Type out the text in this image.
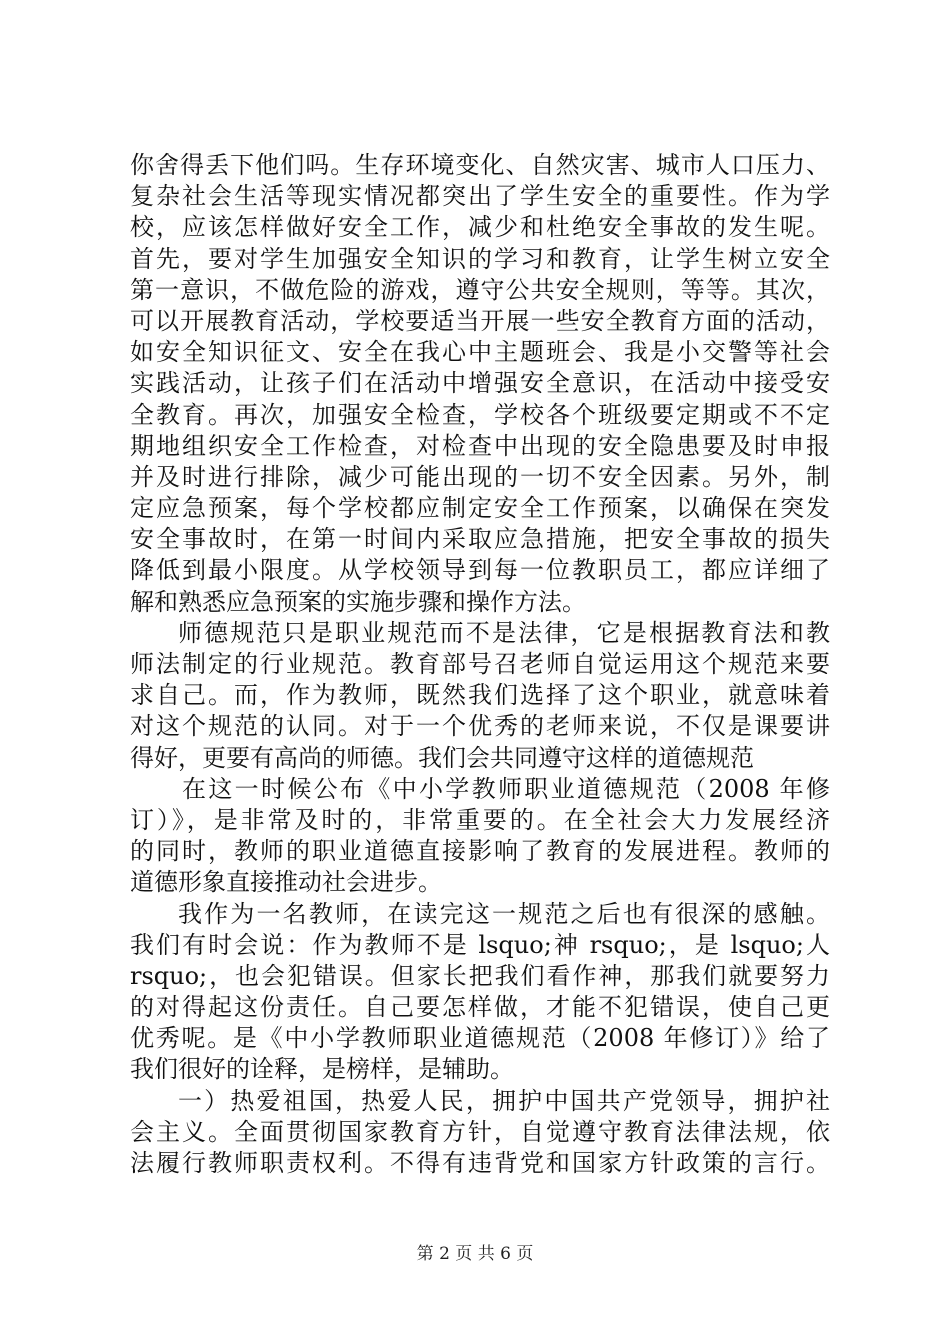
你舍得丢下他们吗。生存环境变化、自然灾害、城市人口压力、
复杂社会生活等现实情况都突出了学生安全的重要性。作为学
校，应该怎样做好安全工作，减少和杜绝安全事故的发生呢。
首先，要对学生加强安全知识的学习和教育，让学生树立安全
第一意识，不做危险的游戏，遵守公共安全规则，等等。其次，
可以开展教育活动，学校要适当开展一些安全教育方面的活动，
如安全知识征文、安全在我心中主题班会、我是小交警等社会
实践活动，让孩子们在活动中增强安全意识，在活动中接受安
全教育。再次，加强安全检查，学校各个班级要定期或不不定
期地组织安全工作检查，对检查中出现的安全隐患要及时申报
并及时进行排除，减少可能出现的一切不安全因素。另外，制
定应急预案，每个学校都应制定安全工作预案，以确保在突发
安全事故时，在第一时间内采取应急措施，把安全事故的损失
降低到最小限度。从学校领导到每一位教职员工，都应详细了
解和熟悉应急预案的实施步骤和操作方法。
师德规范只是职业规范而不是法律，它是根据教育法和教
师法制定的行业规范。教育部号召老师自觉运用这个规范来要
求自己。而，作为教师，既然我们选择了这个职业，就意味着
对这个规范的认同。对于一个优秀的老师来说，不仅是课要讲
得好，更要有高尚的师德。我们会共同遵守这样的道德规范
在这一时候公布《中小学教师职业道德规范（2008 年修
订）》，是非常及时的，非常重要的。在全社会大力发展经济
的同时，教师的职业道德直接影响了教育的发展进程。教师的
道德形象直接推动社会进步。
我作为一名教师，在读完这一规范之后也有很深的感触。
我们有时会说：作为教师不是 lsquo;神 rsquo;，是 lsquo;人
rsquo;，也会犯错误。但家长把我们看作神，那我们就要努力
的对得起这份责任。自己要怎样做，才能不犯错误，使自己更
优秀呢。是《中小学教师职业道德规范（2008 年修订）》给了
我们很好的诠释，是榜样，是辅助。
一）热爱祖国，热爱人民，拥护中国共产党领导，拥护社
会主义。全面贯彻国家教育方针，自觉遵守教育法律法规，依
法履行教师职责权利。不得有违背党和国家方针政策的言行。
第 2 页 共 6 页
